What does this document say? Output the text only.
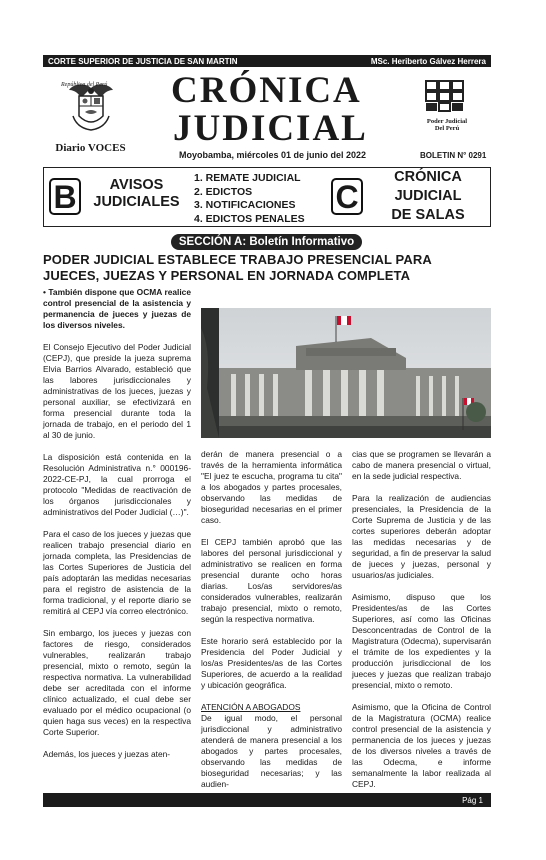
CORTE SUPERIOR DE JUSTICIA DE SAN MARTIN	MSc. Heriberto Gálvez Herrera
República del Perú
Diario VOCES
CRÓNICA
JUDICIAL
Moyobamba, miércoles 01 de junio del 2022
Poder Judicial
Del Perú
BOLETIN N° 0291
B	AVISOS
JUDICIALES
1. REMATE JUDICIAL
2. EDICTOS
3. NOTIFICACIONES
4. EDICTOS PENALES
C
CRÓNICA
JUDICIAL
DE SALAS
SECCIÓN A: Boletín Informativo
PODER JUDICIAL ESTABLECE TRABAJO PRESENCIAL PARA JUECES, JUEZAS Y PERSONAL EN JORNADA COMPLETA

• También dispone que OCMA realice control presencial de la asistencia y permanencia de jueces y juezas de los diversos niveles.

El Consejo Ejecutivo del Poder Judicial (CEPJ), que preside la jueza suprema Elvia Barrios Alvarado, estableció que las labores jurisdiccionales y administrativas de los jueces, juezas y personal auxiliar, se efectivizará en forma presencial durante toda la jornada de trabajo, en el periodo del 1 al 30 de junio.

La disposición está contenida en la Resolución Administrativa n.° 000196-2022-CE-PJ, la cual prorroga el protocolo "Medidas de reactivación de los órganos jurisdiccionales y administrativos del Poder Judicial (…)".

Para el caso de los jueces y juezas que realicen trabajo presencial diario en jornada completa, las Presidencias de las Cortes Superiores de Justicia del país adoptarán las medidas necesarias para el registro de asistencia de la forma tradicional, y el reporte diario se remitirá al CEPJ vía correo electrónico.

Sin embargo, los jueces y juezas con factores de riesgo, considerados vulnerables, realizarán trabajo presencial, mixto o remoto, según la respectiva normativa. La vulnerabilidad debe ser acreditada con el informe clínico actualizado, el cual debe ser evaluado por el médico ocupacional (o quien haga sus veces) en la respectiva Corte Superior.

Además, los jueces y juezas aten-

derán de manera presencial o a través de la herramienta informática "El juez te escucha, programa tu cita" a los abogados y partes procesales, observando las medidas de bioseguridad necesarias en el primer caso.

El CEPJ también aprobó que las labores del personal jurisdiccional y administrativo se realicen en forma presencial durante ocho horas diarias. Los/as servidores/as considerados vulnerables, realizarán trabajo presencial, mixto o remoto, según la respectiva normativa.

Este horario será establecido por la Presidencia del Poder Judicial y los/as Presidentes/as de las Cortes Superiores, de acuerdo a la realidad y ubicación geográfica.

ATENCIÓN A ABOGADOS

De igual modo, el personal jurisdiccional y administrativo atenderá de manera presencial a los abogados y partes procesales, observando las medidas de bioseguridad necesarias; y las audien-

cias que se programen se llevarán a cabo de manera presencial o virtual, en la sede judicial respectiva.

Para la realización de audiencias presenciales, la Presidencia de la Corte Suprema de Justicia y de las cortes superiores deberán adoptar las medidas necesarias y de seguridad, a fin de preservar la salud de jueces y juezas, personal y usuarios/as judiciales.

Asimismo, dispuso que los Presidentes/as de las Cortes Superiores, así como las Oficinas Desconcentradas de Control de la Magistratura (Odecma), supervisarán el trámite de los expedientes y la producción jurisdiccional de los jueces y juezas que realizan trabajo presencial, mixto o remoto.

Asimismo, que la Oficina de Control de la Magistratura (OCMA) realice control presencial de la asistencia y permanencia de los jueces y juezas de los diversos niveles a través de las Odecma, e informe semanalmente la labor realizada al CEPJ.

Pág 1
